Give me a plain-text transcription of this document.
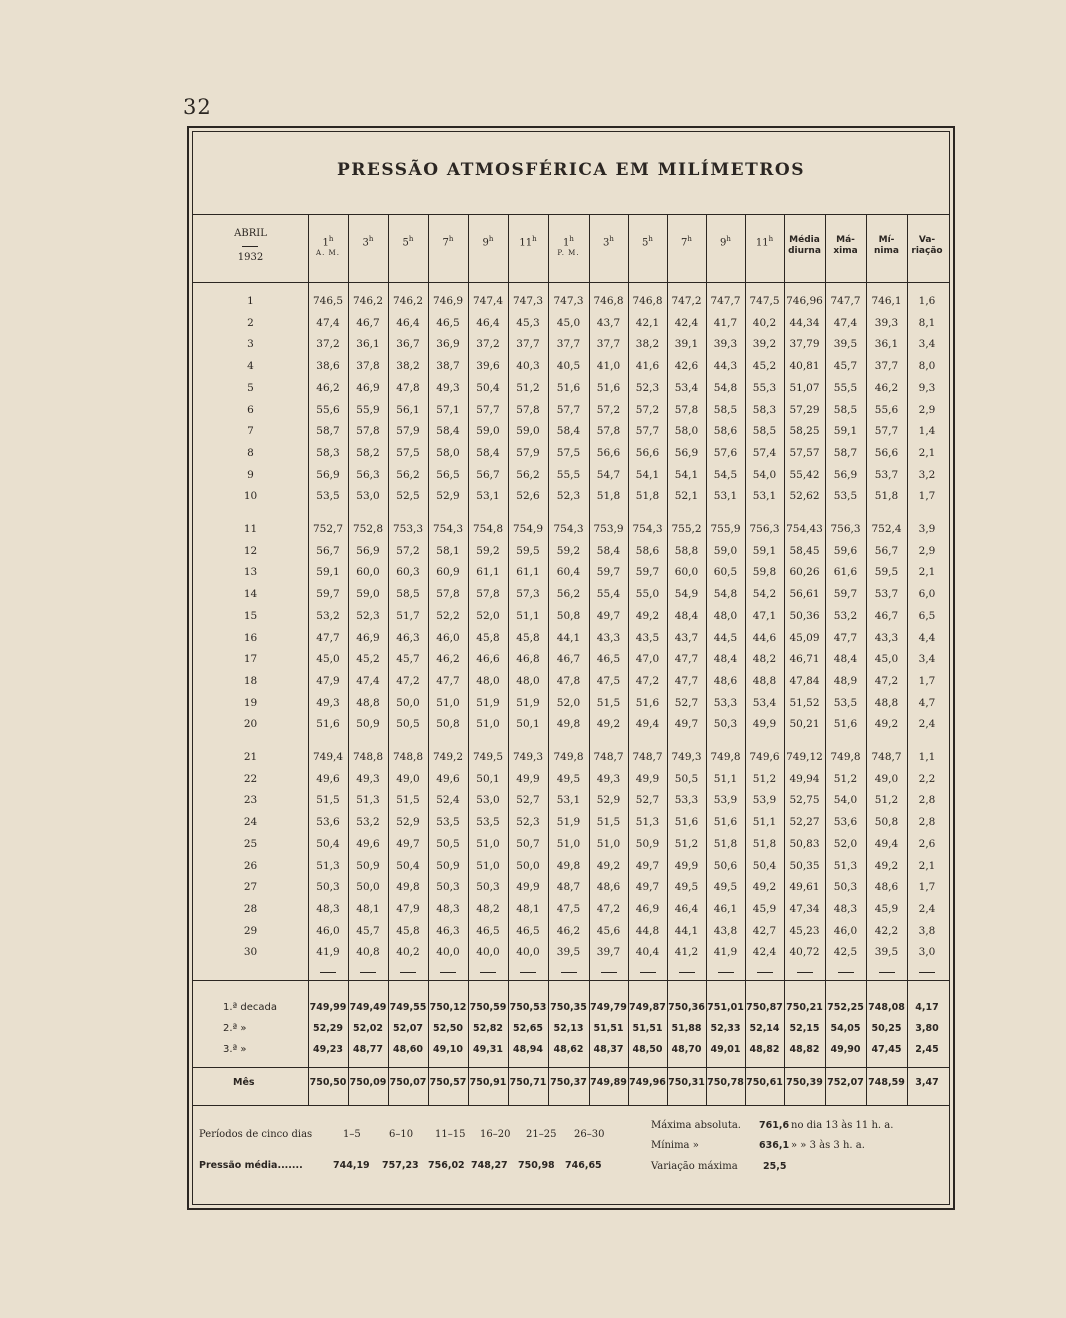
32
PRESSÃO ATMOSFÉRICA EM MILÍMETROS
ABRIL
1932
1$^h$
A. M.
3$^h$	5$^h$	7$^h$	9$^h$	11$^h$	1$^h$
P. M.
3$^h$	5$^h$	7$^h$	9$^h$	11$^h$	Média
diurna
Má-
xima
Mí-
nima
Va-
riação
1	746,5 746,2 746,2 746,9 747,4 747,3 747,3 746,8 746,8 747,2 747,7 747,5 746,96 747,7	746,1	1,6
2	47,4	46,7	46,4	46,5	46,4	45,3	45,0	43,7	42,1	42,4	41,7	40,2	44,34	47,4	39,3	8,1
3	37,2	36,1	36,7	36,9	37,2	37,7	37,7	37,7	38,2	39,1	39,3	39,2	37,79	39,5	36,1	3,4
4	38,6	37,8	38,2	38,7	39,6	40,3	40,5	41,0	41,6	42,6	44,3	45,2	40,81	45,7	37,7	8,0
5	46,2	46,9	47,8	49,3	50,4	51,2	51,6	51,6	52,3	53,4	54,8	55,3	51,07	55,5	46,2	9,3
6	55,6	55,9	56,1	57,1	57,7	57,8	57,7	57,2	57,2	57,8	58,5	58,3	57,29	58,5	55,6	2,9
7	58,7	57,8	57,9	58,4	59,0	59,0	58,4	57,8	57,7	58,0	58,6	58,5	58,25	59,1	57,7	1,4
8	58,3	58,2	57,5	58,0	58,4	57,9	57,5	56,6	56,6	56,9	57,6	57,4	57,57	58,7	56,6	2,1
9	56,9	56,3	56,2	56,5	56,7	56,2	55,5	54,7	54,1	54,1	54,5	54,0	55,42	56,9	53,7	3,2
10	53,5	53,0	52,5	52,9	53,1	52,6	52,3	51,8	51,8	52,1	53,1	53,1	52,62	53,5	51,8	1,7
11	752,7 752,8 753,3 754,3 754,8 754,9 754,3 753,9 754,3 755,2 755,9 756,3 754,43 756,3	752,4	3,9
12	56,7	56,9	57,2	58,1	59,2	59,5	59,2	58,4	58,6	58,8	59,0	59,1	58,45	59,6	56,7	2,9
13	59,1	60,0	60,3	60,9	61,1	61,1	60,4	59,7	59,7	60,0	60,5	59,8	60,26	61,6	59,5	2,1
14	59,7	59,0	58,5	57,8	57,8	57,3	56,2	55,4	55,0	54,9	54,8	54,2	56,61	59,7	53,7	6,0
15	53,2	52,3	51,7	52,2	52,0	51,1	50,8	49,7	49,2	48,4	48,0	47,1	50,36	53,2	46,7	6,5
16	47,7	46,9	46,3	46,0	45,8	45,8	44,1	43,3	43,5	43,7	44,5	44,6	45,09	47,7	43,3	4,4
17	45,0	45,2	45,7	46,2	46,6	46,8	46,7	46,5	47,0	47,7	48,4	48,2	46,71	48,4	45,0	3,4
18	47,9	47,4	47,2	47,7	48,0	48,0	47,8	47,5	47,2	47,7	48,6	48,8	47,84	48,9	47,2	1,7
19	49,3	48,8	50,0	51,0	51,9	51,9	52,0	51,5	51,6	52,7	53,3	53,4	51,52	53,5	48,8	4,7
20	51,6	50,9	50,5	50,8	51,0	50,1	49,8	49,2	49,4	49,7	50,3	49,9	50,21	51,6	49,2	2,4
21	749,4 748,8 748,8 749,2 749,5 749,3 749,8 748,7 748,7 749,3 749,8 749,6 749,12 749,8	748,7	1,1
22	49,6	49,3	49,0	49,6	50,1	49,9	49,5	49,3	49,9	50,5	51,1	51,2	49,94	51,2	49,0	2,2
23	51,5	51,3	51,5	52,4	53,0	52,7	53,1	52,9	52,7	53,3	53,9	53,9	52,75	54,0	51,2	2,8
24	53,6	53,2	52,9	53,5	53,5	52,3	51,9	51,5	51,3	51,6	51,6	51,1	52,27	53,6	50,8	2,8
25	50,4	49,6	49,7	50,5	51,0	50,7	51,0	51,0	50,9	51,2	51,8	51,8	50,83	52,0	49,4	2,6
26	51,3	50,9	50,4	50,9	51,0	50,0	49,8	49,2	49,7	49,9	50,6	50,4	50,35	51,3	49,2	2,1
27	50,3	50,0	49,8	50,3	50,3	49,9	48,7	48,6	49,7	49,5	49,5	49,2	49,61	50,3	48,6	1,7
28	48,3	48,1	47,9	48,3	48,2	48,1	47,5	47,2	46,9	46,4	46,1	45,9	47,34	48,3	45,9	2,4
29	46,0	45,7	45,8	46,3	46,5	46,5	46,2	45,6	44,8	44,1	43,8	42,7	45,23	46,0	42,2	3,8
30	41,9	40,8	40,2	40,0	40,0	40,0	39,5	39,7	40,4	41,2	41,9	42,4	40,72	42,5	39,5	3,0
1.ª decada	749,99 749,49 749,55 750,12 750,59 750,53 750,35 749,79 749,87 750,36 751,01 750,87 750,21 752,25 748,08	4,17
2.ª »	52,29	52,02	52,07	52,50	52,82	52,65	52,13	51,51 51,51 51,88 52,33 52,14	52,15	54,05	50,25	3,80
3.ª »	49,23	48,77	48,60	49,10	49,31	48,94	48,62	48,37 48,50 48,70 49,01 48,82	48,82	49,90	47,45	2,45
Mês	750,50 750,09 750,07 750,57 750,91 750,71 750,37 749,89 749,96 750,31 750,78 750,61 750,39 752,07 748,59	3,47
Períodos de cinco dias	1–5	6–10 11–15 16–20 21–25 26–30
Pressão média.......	744,19 757,23 756,02 748,27 750,98 746,65
Máxima absoluta. 761,6 no dia 13 às 11 h. a.
Mínima »	636,1 » » 3 às 3 h. a.
Variação máxima	25,5
